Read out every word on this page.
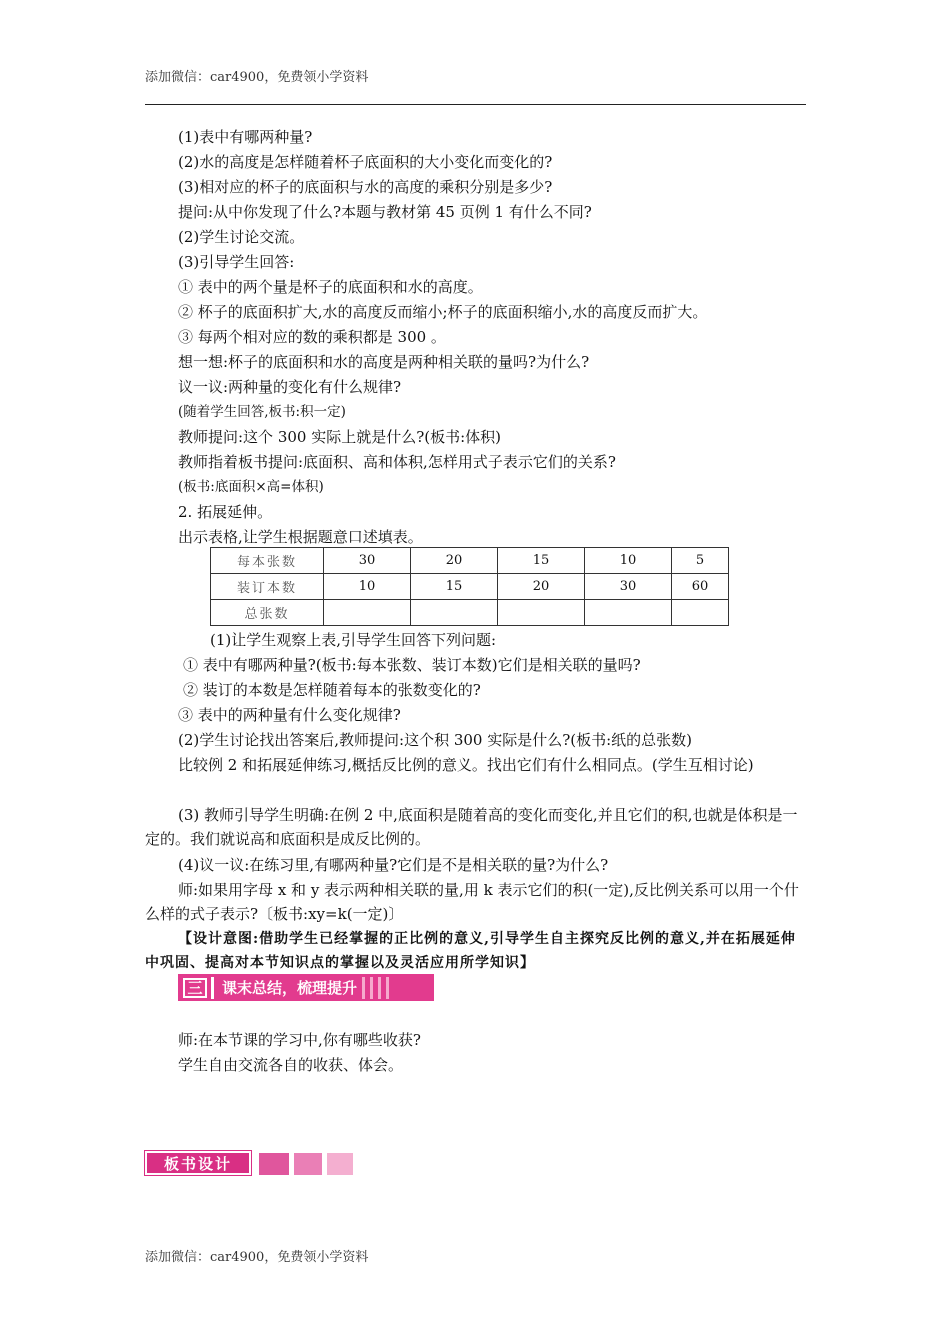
添加微信：car4900，免费领小学资料
(1)表中有哪两种量?
(2)水的高度是怎样随着杯子底面积的大小变化而变化的?
(3)相对应的杯子的底面积与水的高度的乘积分别是多少?
提问:从中你发现了什么?本题与教材第 45 页例 1 有什么不同?
(2)学生讨论交流。
(3)引导学生回答:
① 表中的两个量是杯子的底面积和水的高度。
② 杯子的底面积扩大,水的高度反而缩小;杯子的底面积缩小,水的高度反而扩大。
③ 每两个相对应的数的乘积都是 300 。
想一想:杯子的底面积和水的高度是两种相关联的量吗?为什么?
议一议:两种量的变化有什么规律?
(随着学生回答,板书:积一定)
教师提问:这个 300 实际上就是什么?(板书:体积)
教师指着板书提问:底面积、高和体积,怎样用式子表示它们的关系?
(板书:底面积×高=体积)
2. 拓展延伸。
出示表格,让学生根据题意口述填表。
每本张数	30	20	15	10	5
装订本数	10	15	20	30	60
总张数					
(1)让学生观察上表,引导学生回答下列问题:
① 表中有哪两种量?(板书:每本张数、装订本数)它们是相关联的量吗?
② 装订的本数是怎样随着每本的张数变化的?
③ 表中的两种量有什么变化规律?
(2)学生讨论找出答案后,教师提问:这个积 300 实际是什么?(板书:纸的总张数)
比较例 2 和拓展延伸练习,概括反比例的意义。找出它们有什么相同点。(学生互相讨论)
(3) 教师引导学生明确:在例 2 中,底面积是随着高的变化而变化,并且它们的积,也就是体积是一定的。我们就说高和底面积是成反比例的。
(4)议一议:在练习里,有哪两种量?它们是不是相关联的量?为什么?
师:如果用字母 x 和 y 表示两种相关联的量,用 k 表示它们的积(一定),反比例关系可以用一个什么样的式子表示?〔板书:xy=k(一定)〕
【设计意图:借助学生已经掌握的正比例的意义,引导学生自主探究反比例的意义,并在拓展延伸中巩固、提高对本节知识点的掌握以及灵活应用所学知识】
三	课末总结，梳理提升
师:在本节课的学习中,你有哪些收获?
学生自由交流各自的收获、体会。
板书设计
添加微信：car4900，免费领小学资料
